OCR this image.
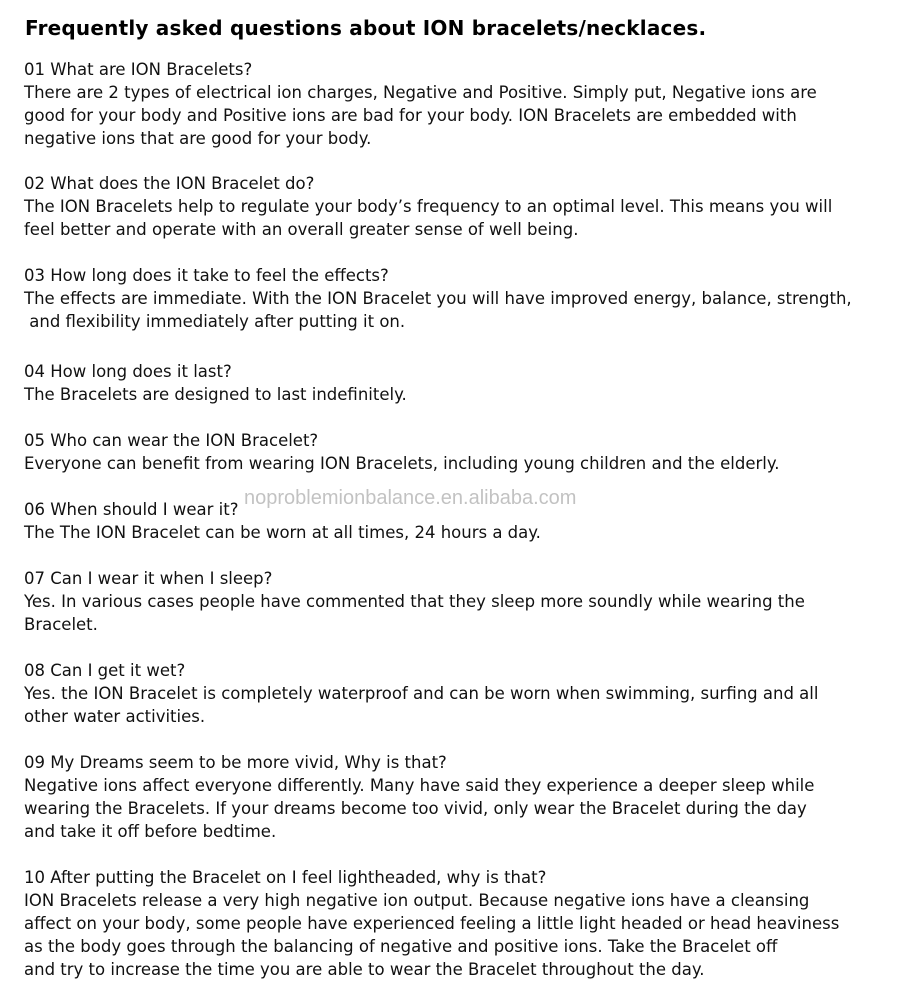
Frequently asked questions about ION bracelets/necklaces.

01 What are ION Bracelets?

There are 2 types of electrical ion charges, Negative and Positive. Simply put, Negative ions are
good for your body and Positive ions are bad for your body. ION Bracelets are embedded with
negative ions that are good for your body.

02 What does the ION Bracelet do?

The ION Bracelets help to regulate your body’s frequency to an optimal level. This means you will
feel better and operate with an overall greater sense of well being.

03 How long does it take to feel the effects?

The effects are immediate. With the ION Bracelet you will have improved energy, balance, strength,
and flexibility immediately after putting it on.

04 How long does it last?

The Bracelets are designed to last indefinitely.

05 Who can wear the ION Bracelet?

Everyone can benefit from wearing ION Bracelets, including young children and the elderly.

06 When should I wear it?

The The ION Bracelet can be worn at all times, 24 hours a day.

07 Can I wear it when I sleep?

Yes. In various cases people have commented that they sleep more soundly while wearing the
Bracelet.

08 Can I get it wet?

Yes. the ION Bracelet is completely waterproof and can be worn when swimming, surfing and all
other water activities.

09 My Dreams seem to be more vivid, Why is that?

Negative ions affect everyone differently. Many have said they experience a deeper sleep while
wearing the Bracelets. If your dreams become too vivid, only wear the Bracelet during the day
and take it off before bedtime.

10 After putting the Bracelet on I feel lightheaded, why is that?

ION Bracelets release a very high negative ion output. Because negative ions have a cleansing
affect on your body, some people have experienced feeling a little light headed or head heaviness
as the body goes through the balancing of negative and positive ions. Take the Bracelet off
and try to increase the time you are able to wear the Bracelet throughout the day.

noproblemionbalance.en.alibaba.com
